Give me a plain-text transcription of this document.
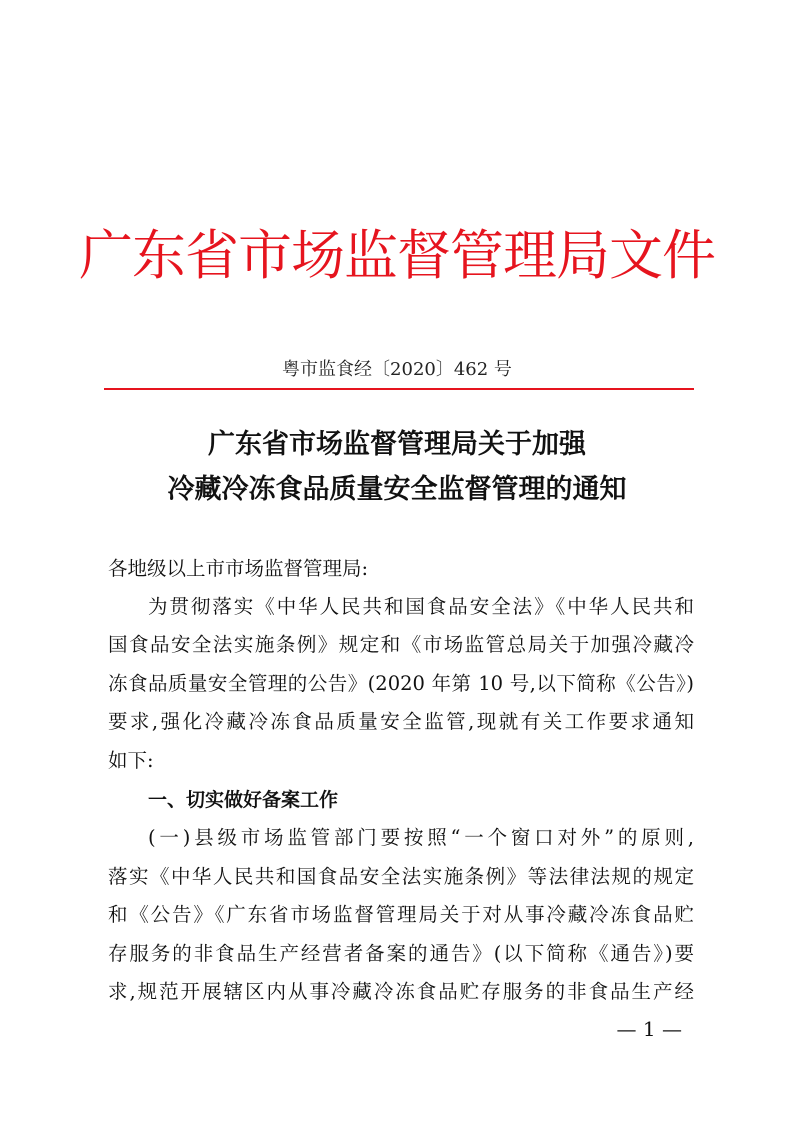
广东省市场监督管理局文件
粤市监食经〔2020〕462 号
广东省市场监督管理局关于加强
冷藏冷冻食品质量安全监督管理的通知
各地级以上市市场监督管理局:
为贯彻落实《中华人民共和国食品安全法》《中华人民共和
国食品安全法实施条例》规定和《市场监管总局关于加强冷藏冷
冻食品质量安全管理的公告》(2020 年第 10 号,以下简称《公告》)
要求,强化冷藏冷冻食品质量安全监管,现就有关工作要求通知
如下:
一、切实做好备案工作
(一)县级市场监管部门要按照“一个窗口对外”的原则,
落实《中华人民共和国食品安全法实施条例》等法律法规的规定
和《公告》《广东省市场监督管理局关于对从事冷藏冷冻食品贮
存服务的非食品生产经营者备案的通告》(以下简称《通告》)要
求,规范开展辖区内从事冷藏冷冻食品贮存服务的非食品生产经
— 1 —
